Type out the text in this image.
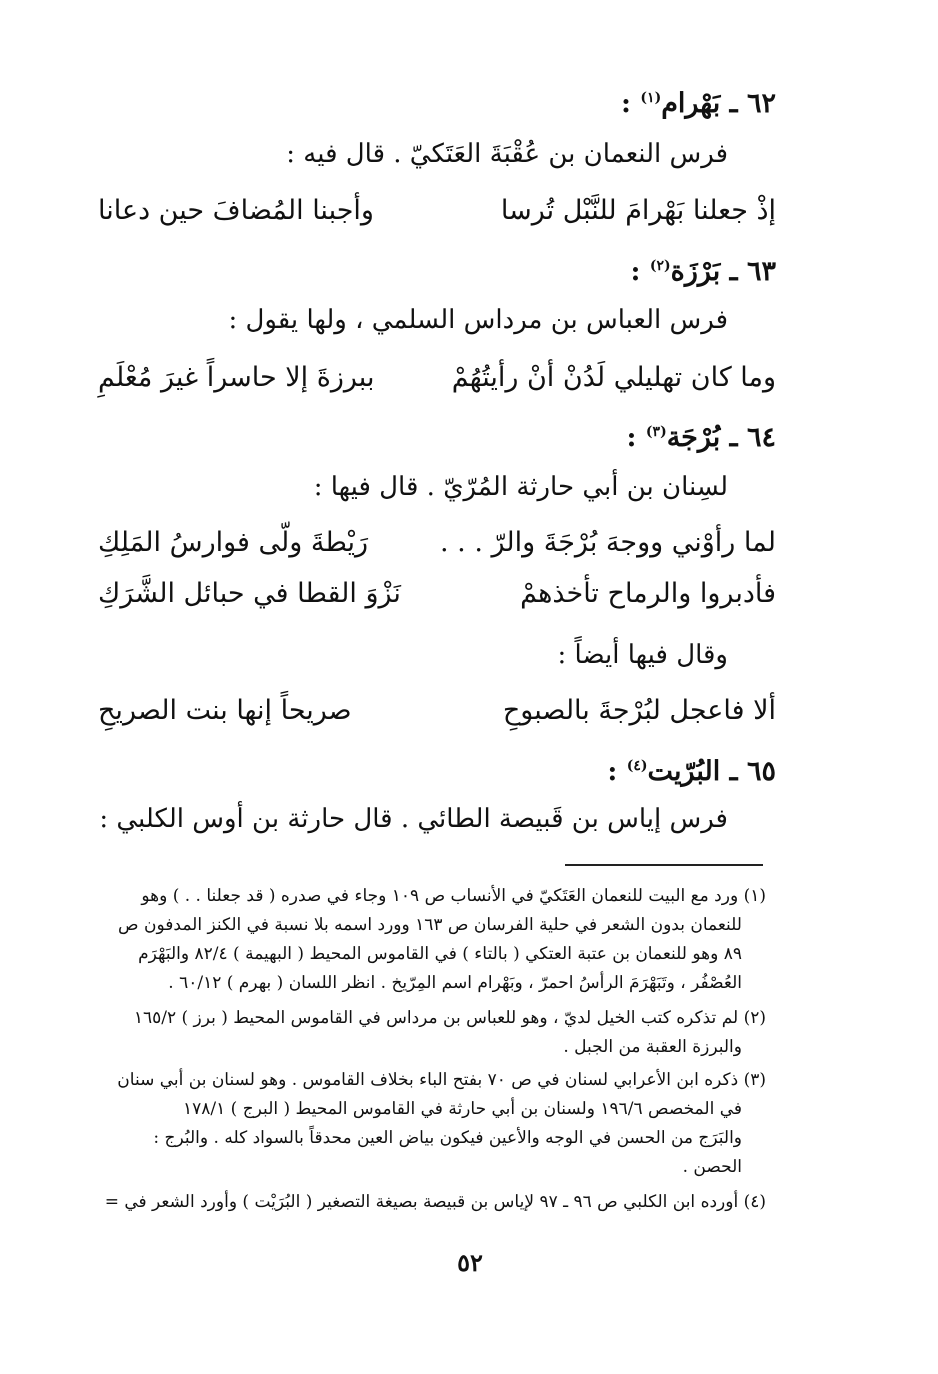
٦٢ ـ بَهْرام$^{(١)}$ :
فرس النعمان بن عُقْبَةَ العَتَكيّ . قال فيه :
إذْ جعلنا بَهْرامَ للنَّبْل تُرسا
وأجبنا المُضافَ حين دعانا
٦٣ ـ بَرْزَة$^{(٢)}$ :
فرس العباس بن مرداس السلمي ، ولها يقول :
وما كان تهليلي لَدُنْ أنْ رأيتُهُمْ
ببرزةَ إلا حاسراً غيرَ مُعْلَمِ
٦٤ ـ بُرْجَة$^{(٣)}$ :
لسِنان بن أبي حارثة المُرّيّ . قال فيها :
لما رأوْني ووجهَ بُرْجَةَ والرّ . . .
رَيْطةَ ولّى فوارسُ المَلِكِ
فأدبروا والرماح تأخذهمْ
نَزْوَ القطا في حبائل الشَّرَكِ
وقال فيها أيضاً :
ألا فاعجل لبُرْجةَ بالصبوحِ
صريحاً إنها بنت الصريحِ
٦٥ ـ البُرّيت$^{(٤)}$ :
فرس إياس بن قَبيصة الطائي . قال حارثة بن أوس الكلبي :
(١) ورد مع البيت للنعمان العَتَكيّ في الأنساب ص ١٠٩ وجاء في صدره ( قد جعلنا . . ) وهو
للنعمان بدون الشعر في حلية الفرسان ص ١٦٣ وورد اسمه بلا نسبة في الكنز المدفون ص
٨٩ وهو للنعمان بن عتبة العتكي ( بالتاء ) في القاموس المحيط ( البهيمة ) ٨٢/٤ والبَهْرَم
العُصْفُر ، وتَبَهْرَمَ الرأسُ احمرّ ، وبَهْرام اسم المِرّيخ . انظر اللسان ( بهرم ) ٦٠/١٢ .
(٢) لم تذكره كتب الخيل لديّ ، وهو للعباس بن مرداس في القاموس المحيط ( برز ) ١٦٥/٢
والبرزة العقبة من الجبل .
(٣) ذكره ابن الأعرابي لسنان في ص ٧٠ بفتح الباء بخلاف القاموس . وهو لسنان بن أبي سنان
في المخصص ١٩٦/٦ ولسنان بن أبي حارثة في القاموس المحيط ( البرج ) ١٧٨/١
والبَرَج من الحسن في الوجه والأعين فيكون بياض العين محدقاً بالسواد كله . والبُرج :
الحصن .
(٤) أورده ابن الكلبي ص ٩٦ ـ ٩٧ لإياس بن قبيصة بصيغة التصغير ( البُرَيْت ) وأورد الشعر في =
٥٢
